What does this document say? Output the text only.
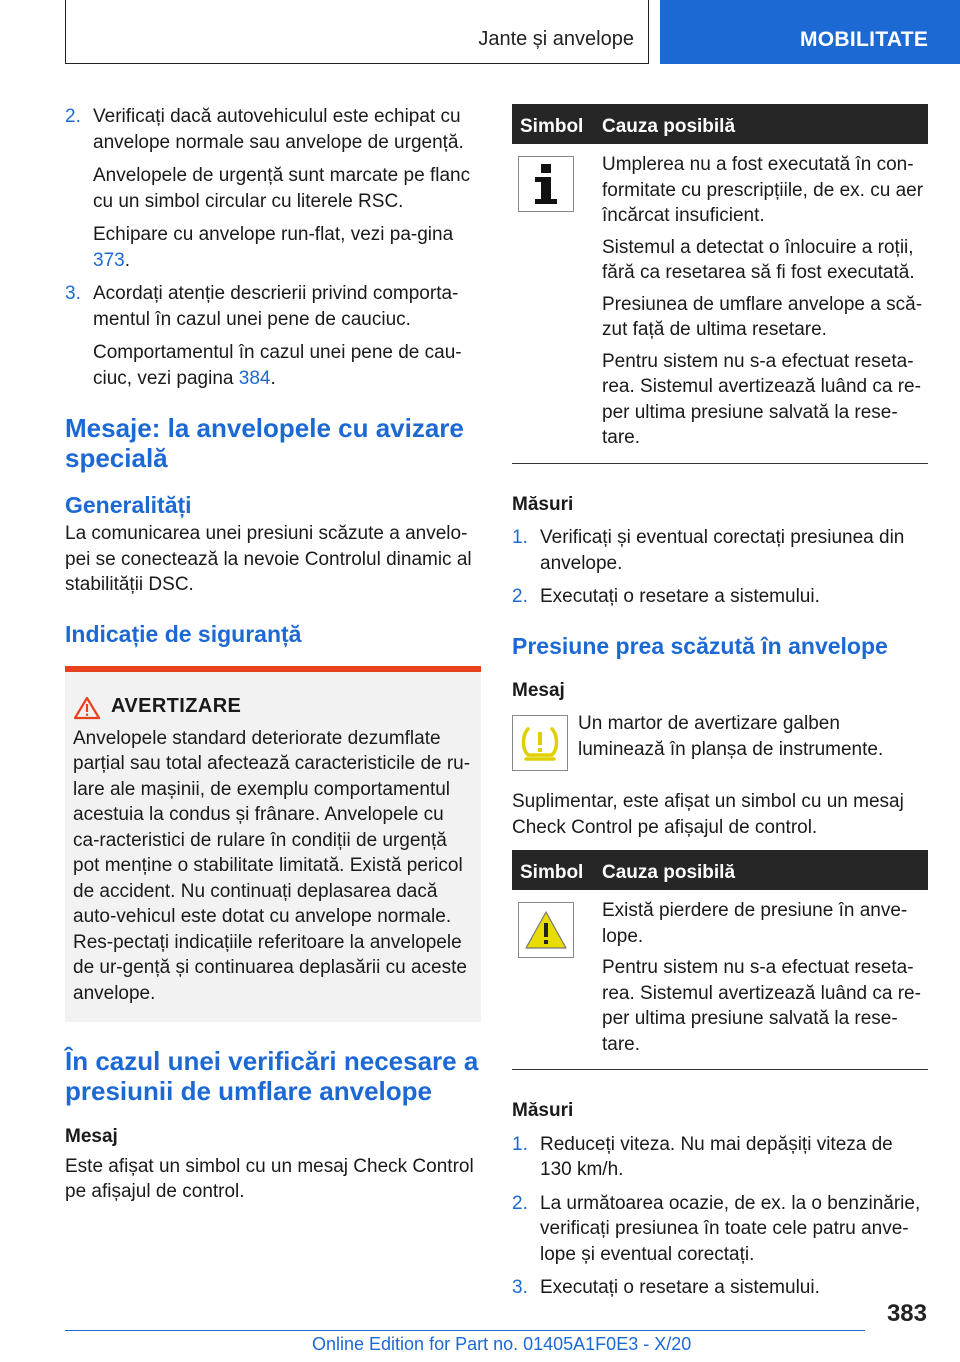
Jante și anvelope	MOBILITATE
2. Verificați dacă autovehiculul este echipat cu anvelope normale sau anvelope de urgență.

Anvelopele de urgență sunt marcate pe flanc cu un simbol circular cu literele RSC.

Echipare cu anvelope run-flat, vezi pa-gina 373.

3. Acordați atenție descrierii privind comporta-mentul în cazul unei pene de cauciuc.

Comportamentul în cazul unei pene de cau-ciuc, vezi pagina 384.

Mesaje: la anvelopele cu avizare specială
Generalități

La comunicarea unei presiuni scăzute a anvelo-pei se conectează la nevoie Controlul dinamic al stabilității DSC.

Indicație de siguranță
AVERTIZARE

Anvelopele standard deteriorate dezumflate parțial sau total afectează caracteristicile de ru-lare ale mașinii, de exemplu comportamentul acestuia la condus și frânare. Anvelopele cu ca-racteristici de rulare în condiții de urgență pot menține o stabilitate limitată. Există pericol de accident. Nu continuați deplasarea dacă auto-vehicul este dotat cu anvelope normale. Res-pectați indicațiile referitoare la anvelopele de ur-gență și continuarea deplasării cu aceste anvelope.

În cazul unei verificări necesare a presiunii de umflare anvelope

Mesaj

Este afișat un simbol cu un mesaj Check Control pe afișajul de control.

Simbol Cauza posibilă

Umplerea nu a fost executată în con-formitate cu prescripțiile, de ex. cu aer încărcat insuficient.

Sistemul a detectat o înlocuire a roții, fără ca resetarea să fi fost executată.

Presiunea de umflare anvelope a scă-zut față de ultima resetare.

Pentru sistem nu s-a efectuat reseta-rea. Sistemul avertizează luând ca re-per ultima presiune salvată la rese-tare.

Măsuri

1. Verificați și eventual corectați presiunea din anvelope.

2. Executați o resetare a sistemului.

Presiune prea scăzută în anvelope

Mesaj

Un martor de avertizare galben luminează în planșa de instrumente.

Suplimentar, este afișat un simbol cu un mesaj Check Control pe afișajul de control.

Simbol Cauza posibilă

Există pierdere de presiune în anve-lope.

Pentru sistem nu s-a efectuat reseta-rea. Sistemul avertizează luând ca re-per ultima presiune salvată la rese-tare.

Măsuri

1. Reduceți viteza. Nu mai depășiți viteza de 130 km/h.

2. La următoarea ocazie, de ex. la o benzinărie, verificați presiunea în toate cele patru anve-lope și eventual corectați.

3. Executați o resetare a sistemului.

383
Online Edition for Part no. 01405A1F0E3 - X/20
